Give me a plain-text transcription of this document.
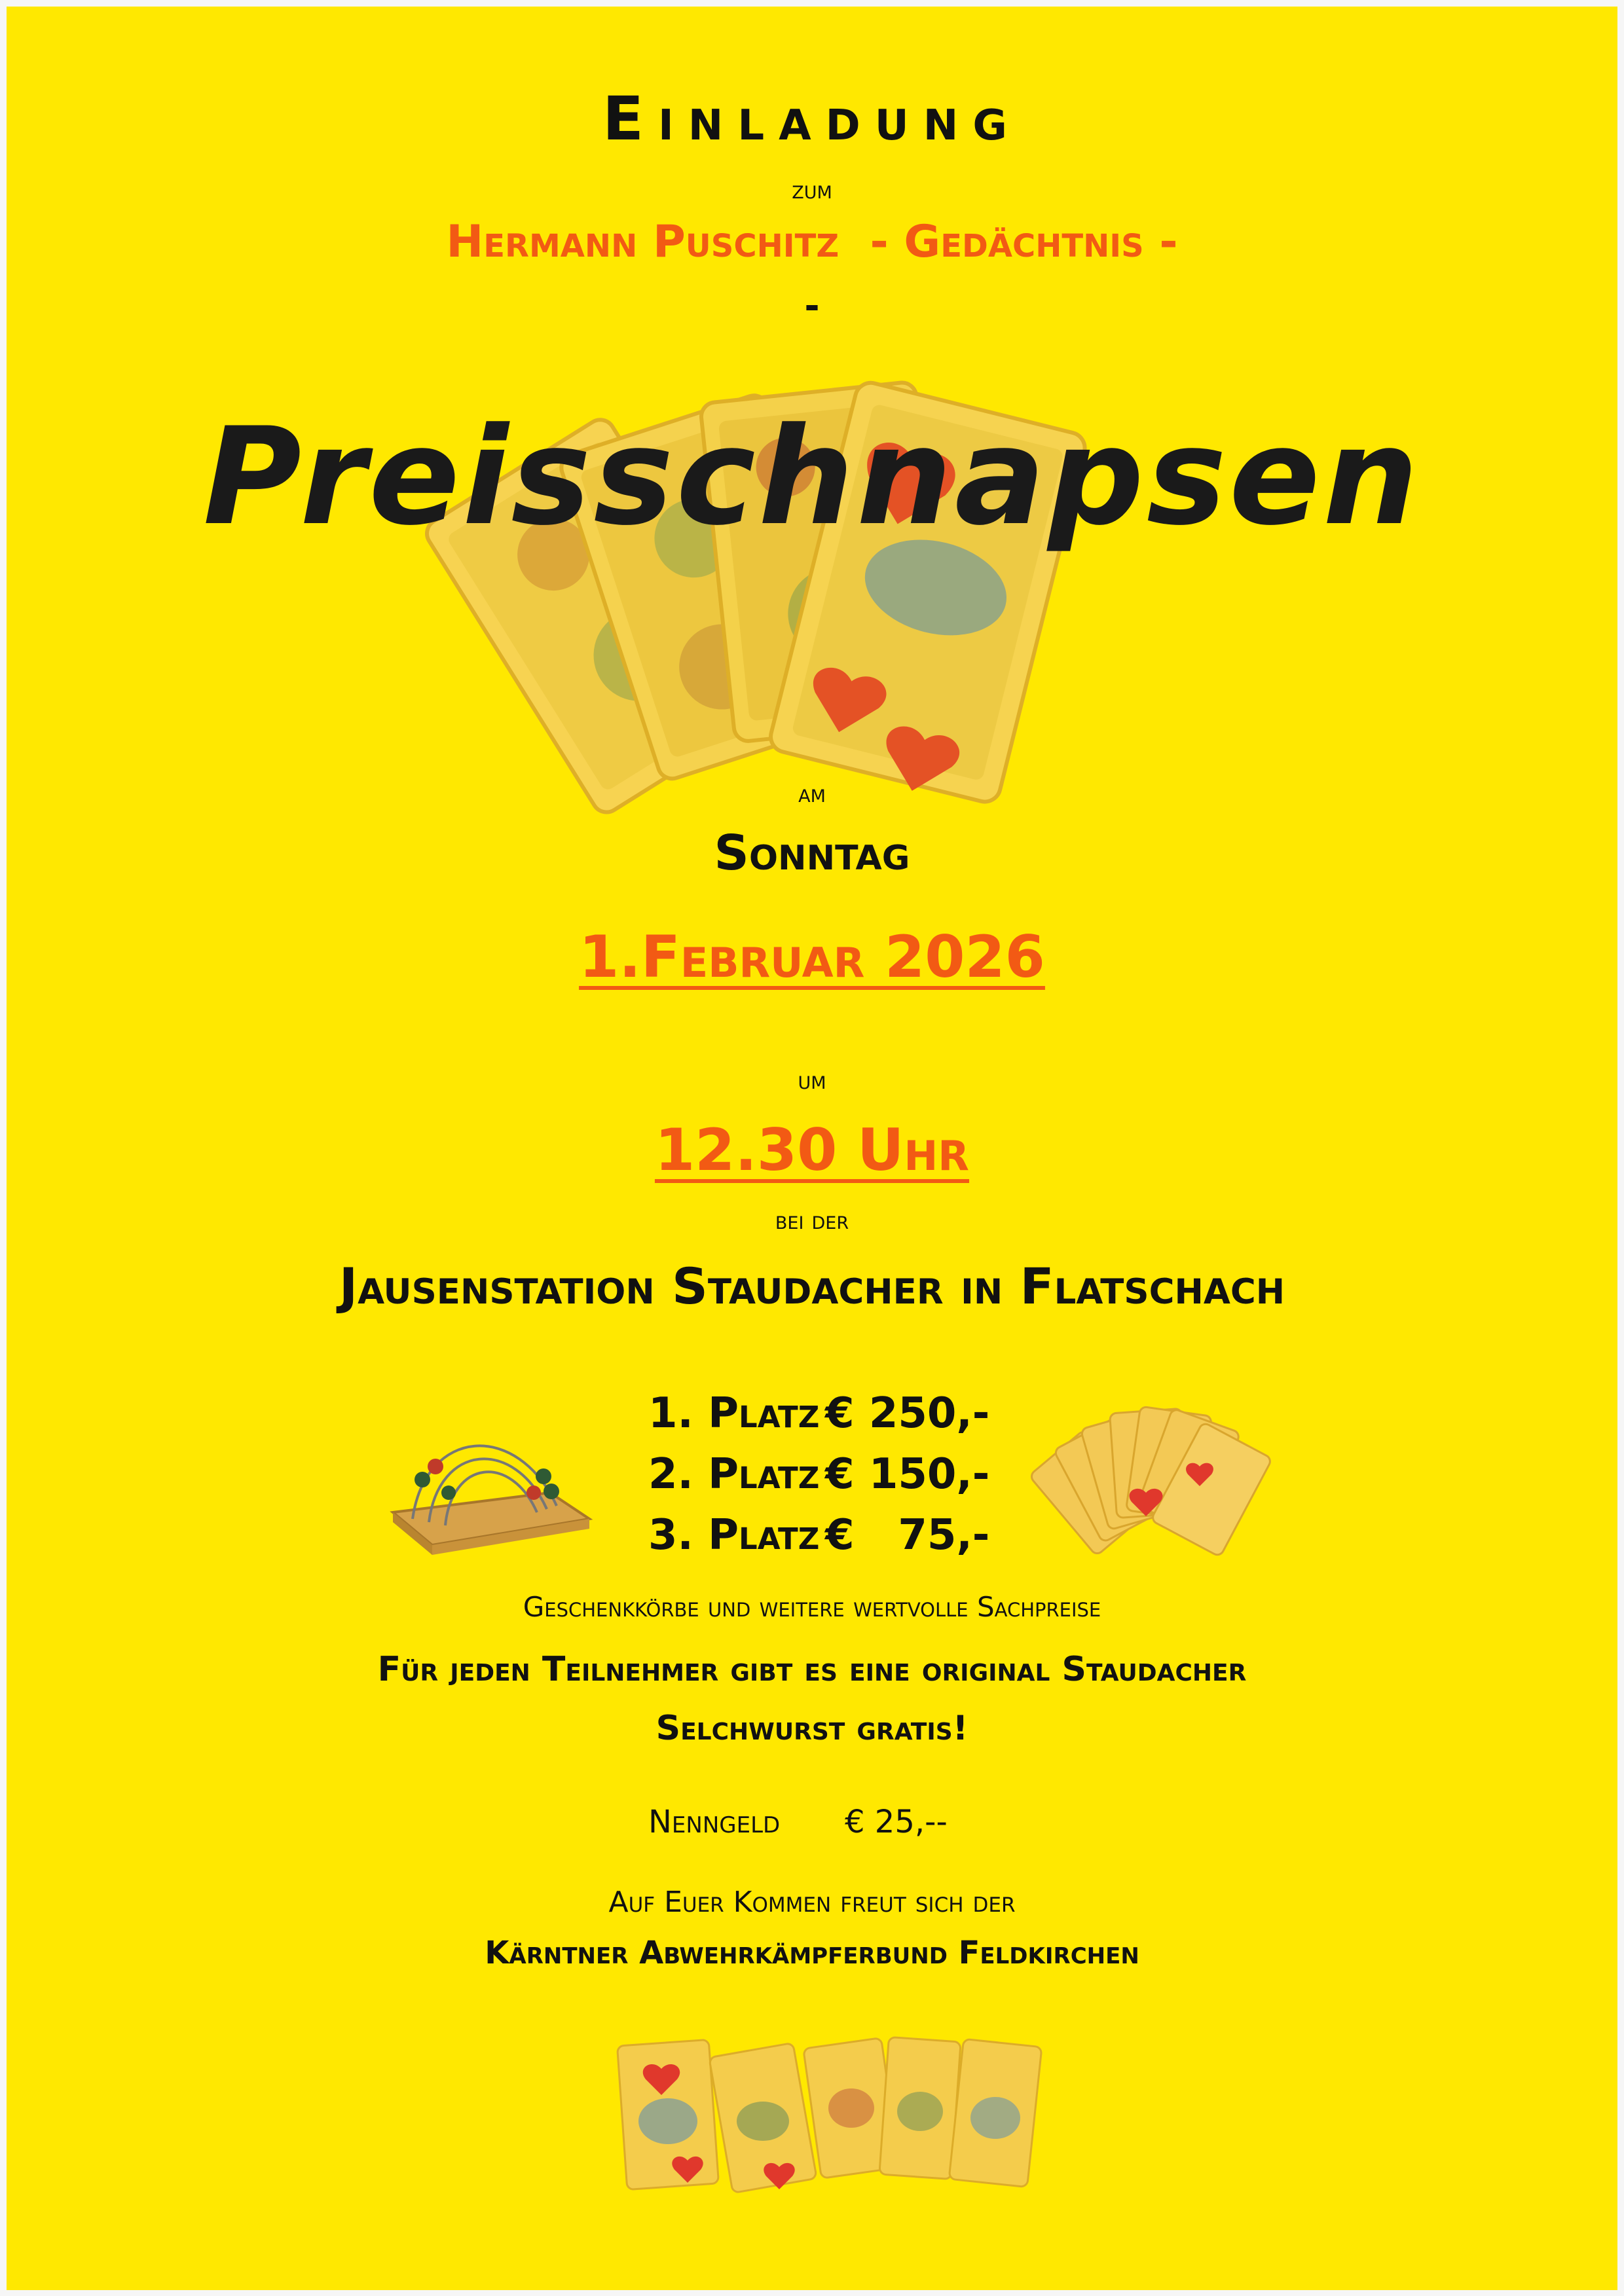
Einladung
zum
Hermann Puschitz  - Gedächtnis -
-
Preisschnapsen
am
Sonntag
1.Februar 2026
um
12.30 Uhr
bei der
Jausenstation Staudacher in Flatschach
1. Platz € 250,-
2. Platz € 150,-
3. Platz €   75,-
Geschenkkörbe und weitere wertvolle Sachpreise
Für jeden Teilnehmer gibt es eine original Staudacher
Selchwurst gratis!
Nenngeld € 25,--
Auf Euer Kommen freut sich der
Kärntner Abwehrkämpferbund Feldkirchen
